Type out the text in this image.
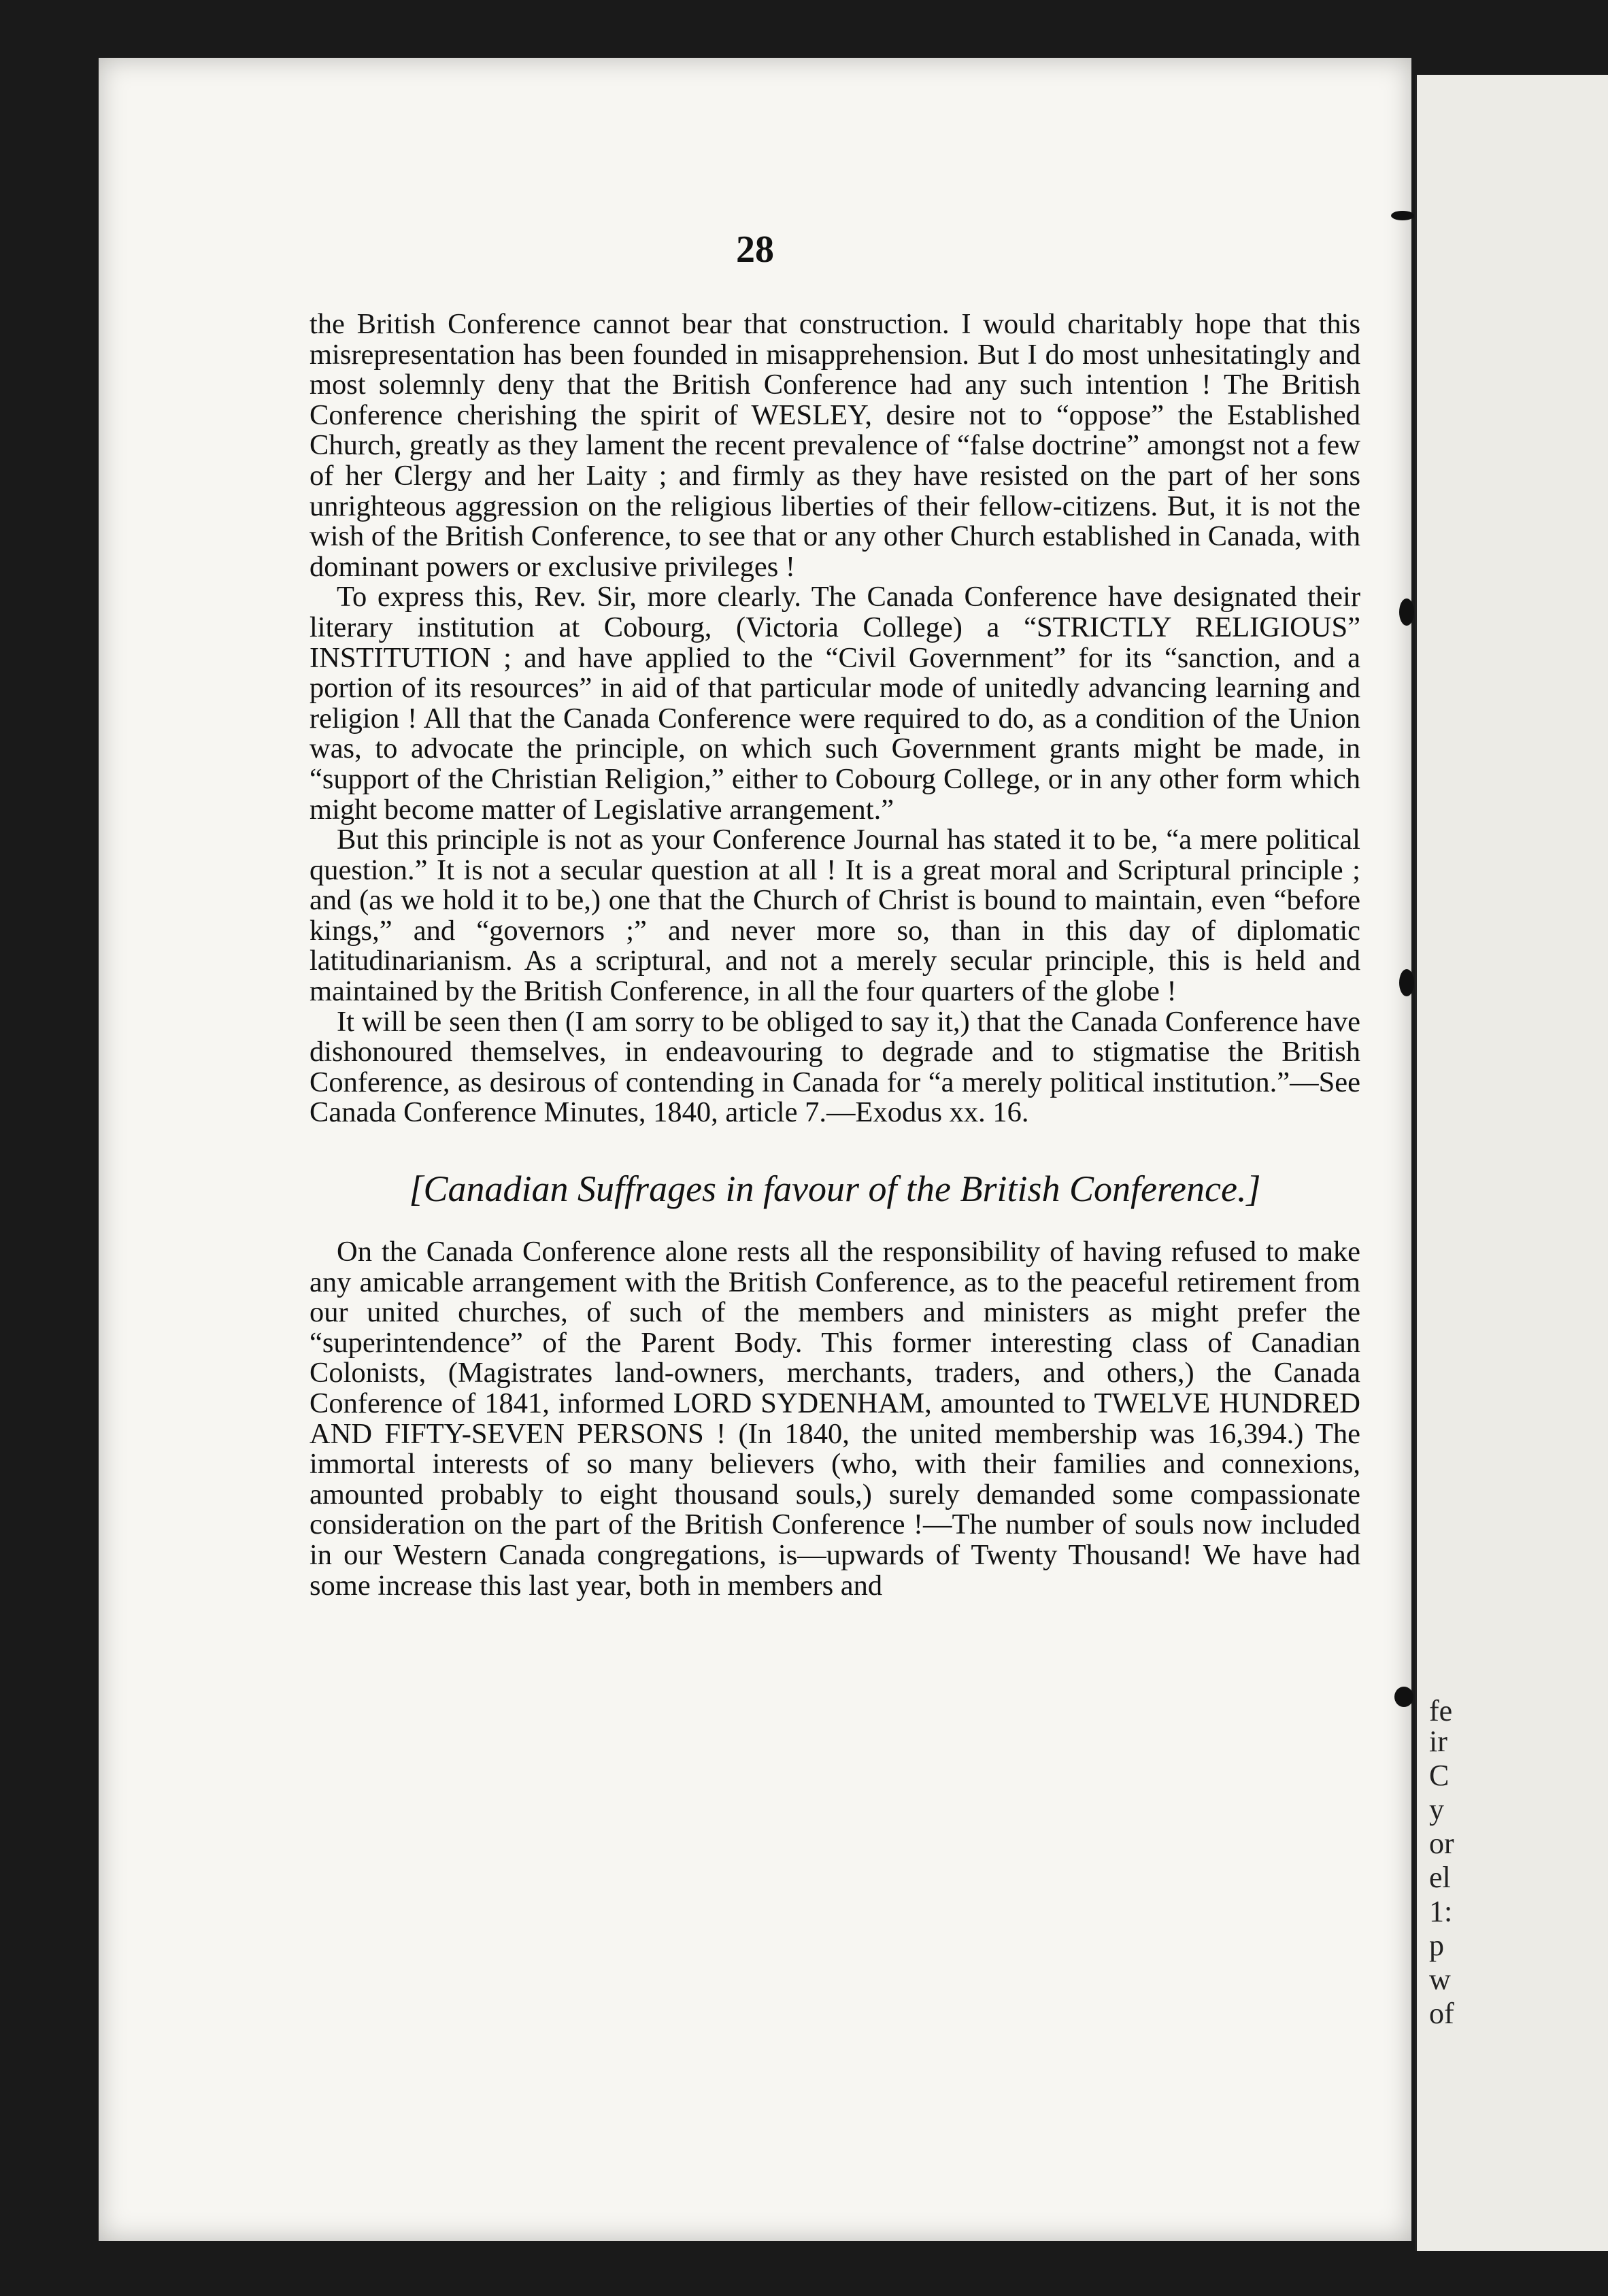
28

the British Conference cannot bear that construction. I would charitably hope that this misrepresentation has been founded in misapprehension. But I do most unhesitatingly and most solemnly deny that the British Conference had any such intention ! The British Conference cherishing the spirit of WESLEY, desire not to “oppose” the Established Church, greatly as they lament the recent prevalence of “false doctrine” amongst not a few of her Clergy and her Laity ; and firmly as they have resisted on the part of her sons unrighteous aggression on the religious liberties of their fellow-citizens. But, it is not the wish of the British Conference, to see that or any other Church established in Canada, with dominant powers or exclusive privileges !

To express this, Rev. Sir, more clearly. The Canada Conference have designated their literary institution at Cobourg, (Victoria College) a “STRICTLY RELIGIOUS” INSTITUTION ; and have applied to the “Civil Government” for its “sanction, and a portion of its resources” in aid of that particular mode of unitedly advancing learning and religion ! All that the Canada Conference were required to do, as a condition of the Union was, to advocate the principle, on which such Government grants might be made, in “support of the Christian Religion,” either to Cobourg College, or in any other form which might become matter of Legislative arrangement.”

But this principle is not as your Conference Journal has stated it to be, “a mere political question.” It is not a secular question at all ! It is a great moral and Scriptural principle ; and (as we hold it to be,) one that the Church of Christ is bound to maintain, even “before kings,” and “governors ;” and never more so, than in this day of diplomatic latitudinarianism. As a scriptural, and not a merely secular principle, this is held and maintained by the British Conference, in all the four quarters of the globe !

It will be seen then (I am sorry to be obliged to say it,) that the Canada Conference have dishonoured themselves, in endeavouring to degrade and to stigmatise the British Conference, as desirous of contending in Canada for “a merely political institution.”—See Canada Conference Minutes, 1840, article 7.—Exodus xx. 16.

[Canadian Suffrages in favour of the British Conference.]

On the Canada Conference alone rests all the responsibility of having refused to make any amicable arrangement with the British Conference, as to the peaceful retirement from our united churches, of such of the members and ministers as might prefer the “superintendence” of the Parent Body. This former interesting class of Canadian Colonists, (Magistrates land-owners, merchants, traders, and others,) the Canada Conference of 1841, informed LORD SYDENHAM, amounted to TWELVE HUNDRED AND FIFTY-SEVEN PERSONS ! (In 1840, the united membership was 16,394.) The immortal interests of so many believers (who, with their families and connexions, amounted probably to eight thousand souls,) surely demanded some compassionate consideration on the part of the British Conference !—The number of souls now included in our Western Canada congregations, is—upwards of Twenty Thousand! We have had some increase this last year, both in members and

fe
ir
C
y
or
el
1:
p
w
of
